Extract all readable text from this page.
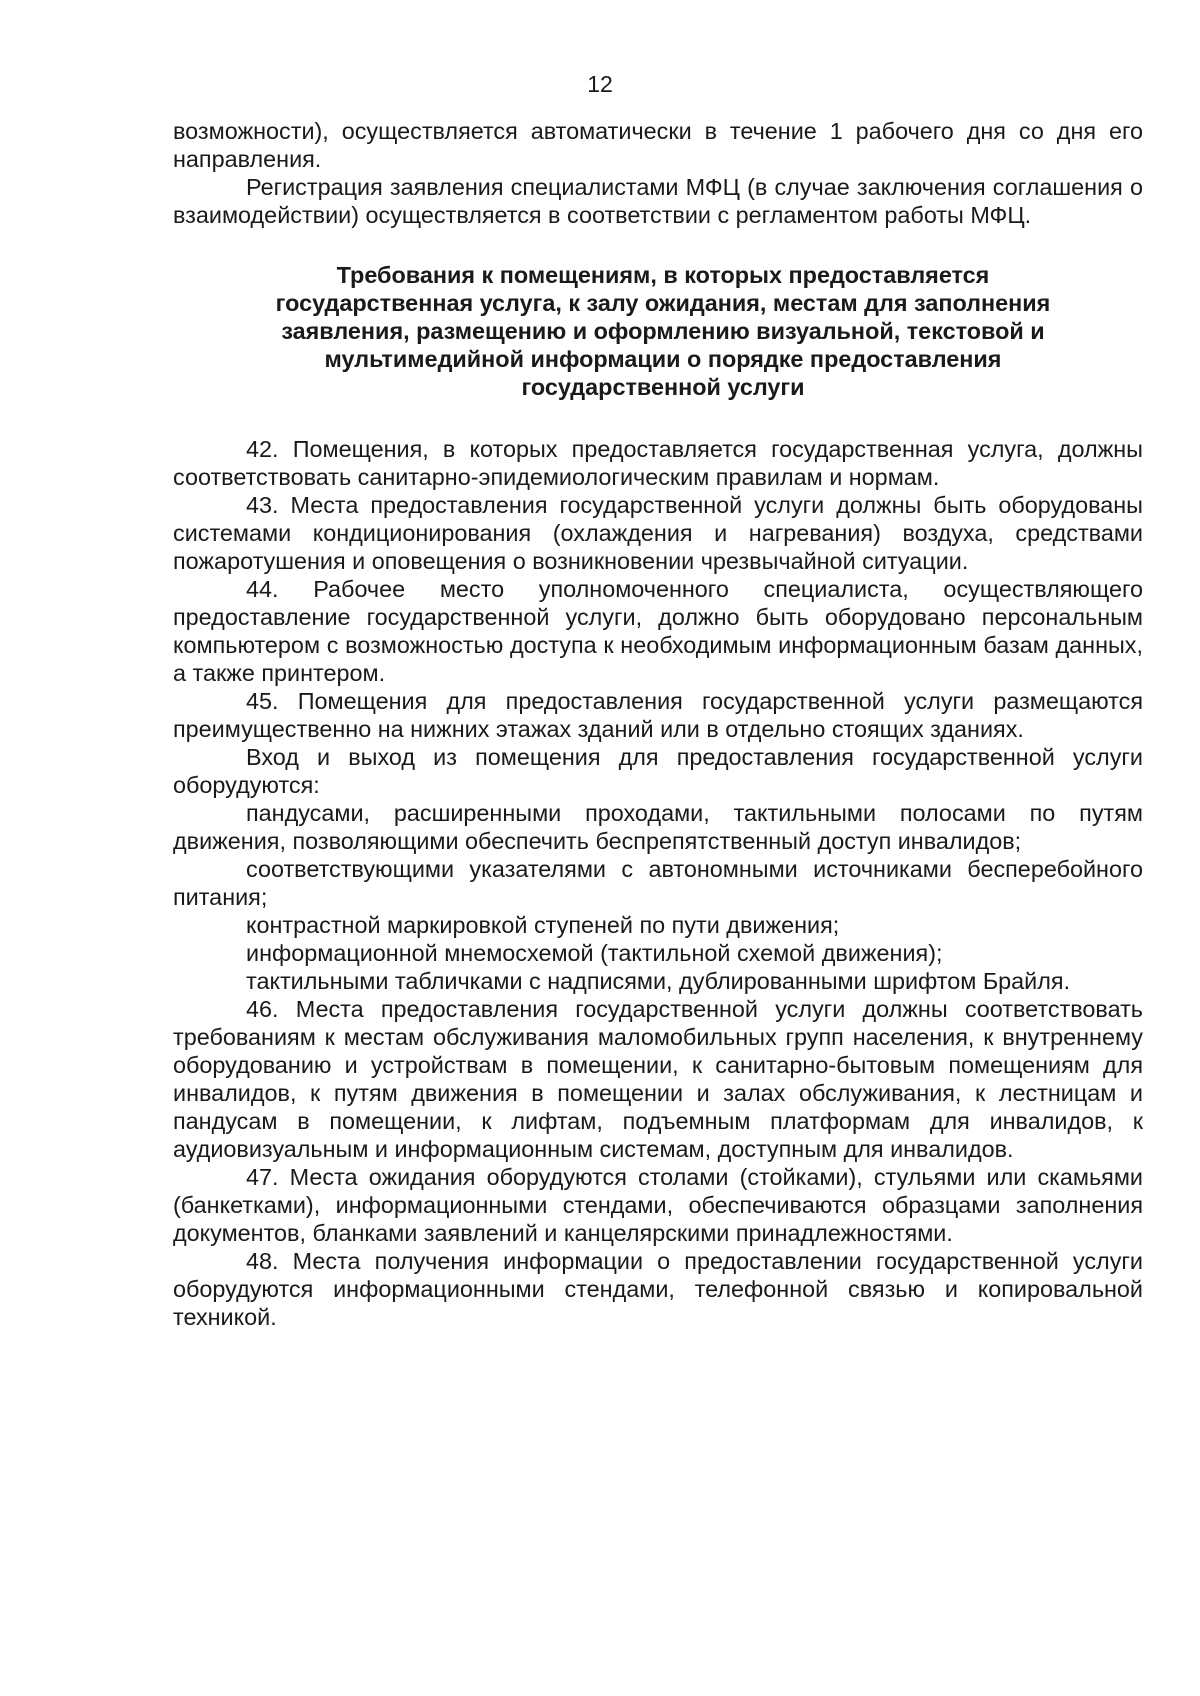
12

возможности), осуществляется автоматически в течение 1 рабочего дня со дня его направления.

Регистрация заявления специалистами МФЦ (в случае заключения соглашения о взаимодействии) осуществляется в соответствии с регламентом работы МФЦ.

Требования к помещениям, в которых предоставляется
государственная услуга, к залу ожидания, местам для заполнения
заявления, размещению и оформлению визуальной, текстовой и
мультимедийной информации о порядке предоставления
государственной услуги

42. Помещения, в которых предоставляется государственная услуга, должны соответствовать санитарно-эпидемиологическим правилам и нормам.

43. Места предоставления государственной услуги должны быть оборудованы системами кондиционирования (охлаждения и нагревания) воздуха, средствами пожаротушения и оповещения о возникновении чрезвычайной ситуации.

44. Рабочее место уполномоченного специалиста, осуществляющего предоставление государственной услуги, должно быть оборудовано персональным компьютером с возможностью доступа к необходимым информационным базам данных, а также принтером.

45. Помещения для предоставления государственной услуги размещаются преимущественно на нижних этажах зданий или в отдельно стоящих зданиях.

Вход и выход из помещения для предоставления государственной услуги оборудуются:

пандусами, расширенными проходами, тактильными полосами по путям движения, позволяющими обеспечить беспрепятственный доступ инвалидов;

соответствующими указателями с автономными источниками бесперебойного питания;

контрастной маркировкой ступеней по пути движения;

информационной мнемосхемой (тактильной схемой движения);

тактильными табличками с надписями, дублированными шрифтом Брайля.

46. Места предоставления государственной услуги должны соответствовать требованиям к местам обслуживания маломобильных групп населения, к внутреннему оборудованию и устройствам в помещении, к санитарно-бытовым помещениям для инвалидов, к путям движения в помещении и залах обслуживания, к лестницам и пандусам в помещении, к лифтам, подъемным платформам для инвалидов, к аудиовизуальным и информационным системам, доступным для инвалидов.

47. Места ожидания оборудуются столами (стойками), стульями или скамьями (банкетками), информационными стендами, обеспечиваются образцами заполнения документов, бланками заявлений и канцелярскими принадлежностями.

48. Места получения информации о предоставлении государственной услуги оборудуются информационными стендами, телефонной связью и копировальной техникой.
